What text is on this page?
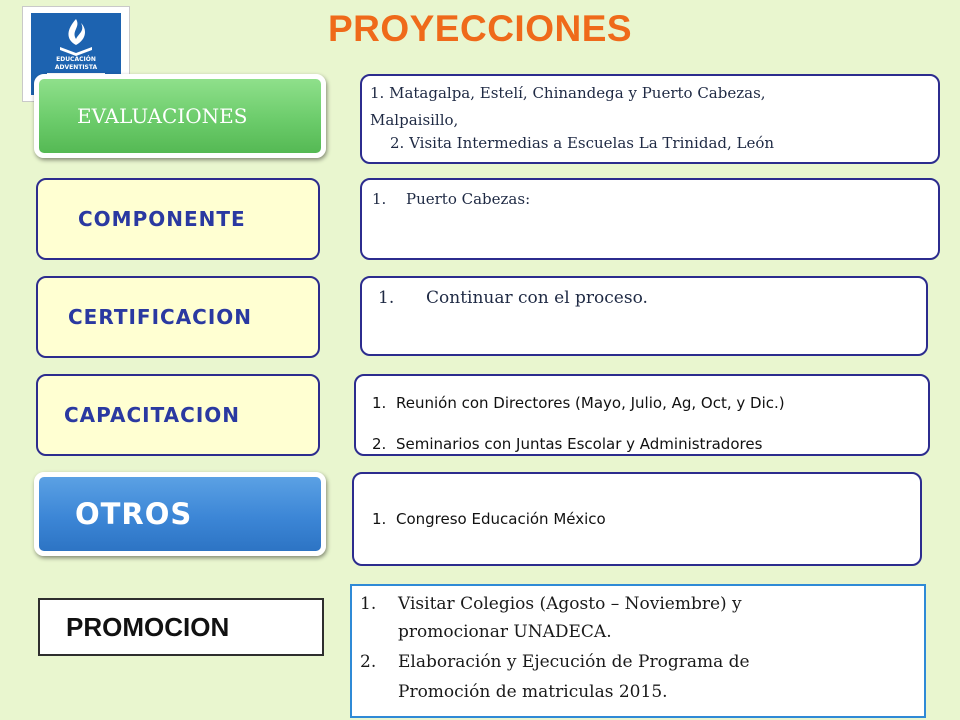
EDUCACIÓN
ADVENTISTA
PROYECCIONES
EVALUACIONES
1. Matagalpa, Estelí, Chinandega y Puerto Cabezas,
Malpaisillo,
2. Visita Intermedias a Escuelas La Trinidad, León
COMPONENTE
1. Puerto Cabezas:
CERTIFICACION
1. Continuar con el proceso.
CAPACITACION	1. Reunión con Directores (Mayo, Julio, Ag, Oct, y Dic.)
2. Seminarios con Juntas Escolar y Administradores
OTROS	1. Congreso Educación México
PROMOCION
1. Visitar Colegios (Agosto – Noviembre) y
promocionar UNADECA.
2. Elaboración y Ejecución de Programa de
Promoción de matriculas 2015.
